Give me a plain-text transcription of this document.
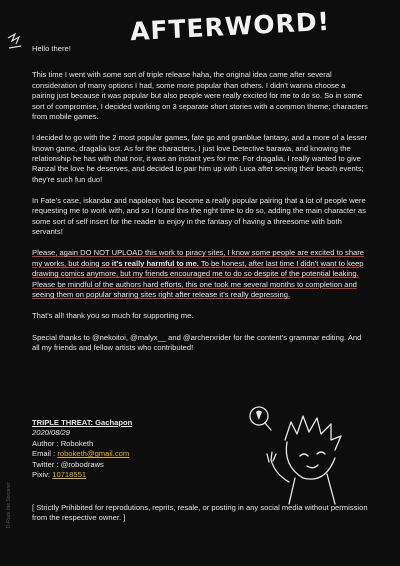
AFTERWORD!

Hello there!

This time I went with some sort of triple release haha, the original idea came after several consideration of many options I had, some more popular than others. I didn't wanna choose a pairing just because it was popular but also people were really excited for me to do so. So in some sort of compromise, I decided working on 3 separate short stories with a common theme; characters from mobile games.

I decided to go with the 2 most popular games, fate go and granblue fantasy, and a more of a lesser known game, dragalia lost. As for the characters, I just love Detective barawa, and knowing the relationship he has with chat noir, it was an instant yes for me. For dragalia, I really wanted to give Ranzal the love he deserves, and decided to pair him up with Luca after seeing their beach events; they're such fun duo!

In Fate's case, iskandar and napoleon has become a really popular pairing that a lot of people were requesting me to work with, and so I found this the right time to do so, adding the main character as some sort of self insert for the reader to enjoy in the fantasy of having a threesome with both servants!

Please, again DO NOT UPLOAD this work to piracy sites, I know some people are excited to share my works, but doing so it's really harmful to me. To be honest, after last time I didn't want to keep drawing comics anymore, but my friends encouraged me to do so despite of the potential leaking. Please be mindful of the authors hard efforts, this one took me several months to completion and seeing them on popular sharing sites right after release it's really depressing.

That's all! thank you so much for supporting me.

Special thanks to @nekoitoi, @malyx__ and @archerxrider for the content's grammar editing. And all my friends and fellow artists who contributed!

TRIPLE THREAT: Gachapon
2020/08/29
Author : Roboketh
Email : roboketh@gmail.com
Twitter : @robodraws
Pixiv: 10718551
[ Strictly Prihibited for reprodutions, reprits, resale, or posting in any social media without permission from the respective owner. ]
D-Rock the Sorcerer
